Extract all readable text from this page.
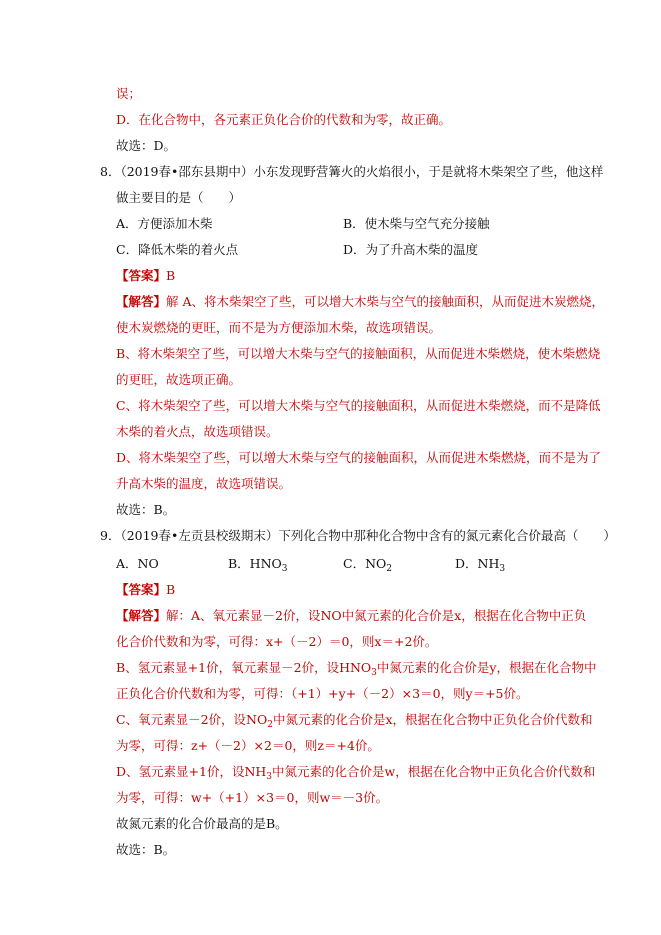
误；
D．在化合物中，各元素正负化合价的代数和为零，故正确。
故选：D。
8．（2019春•邵东县期中）小东发现野营篝火的火焰很小，于是就将木柴架空了些，他这样
做主要目的是（　　）
A．方便添加木柴	B．使木柴与空气充分接触
C．降低木柴的着火点	D．为了升高木柴的温度
【答案】B
【解答】解 A、将木柴架空了些，可以增大木柴与空气的接触面积，从而促进木炭燃烧，
使木炭燃烧的更旺，而不是为方便添加木柴，故选项错误。
B、将木柴架空了些，可以增大木柴与空气的接触面积，从而促进木柴燃烧，使木柴燃烧
的更旺，故选项正确。
C、将木柴架空了些，可以增大木柴与空气的接触面积，从而促进木柴燃烧，而不是降低
木柴的着火点，故选项错误。
D、将木柴架空了些，可以增大木柴与空气的接触面积，从而促进木柴燃烧，而不是为了
升高木柴的温度，故选项错误。
故选：B。
9．（2019春•左贡县校级期末）下列化合物中那种化合物中含有的氮元素化合价最高（　　）
A．NO	B．$HNO_3$	C．$NO_2$	D．$NH_3$
【答案】B
【解答】解：A、氧元素显－2价，设NO中氮元素的化合价是x，根据在化合物中正负
化合价代数和为零，可得：x+（－2）＝0，则x＝+2价。
B、氢元素显+1价，氧元素显－2价，设$HNO_3$中氮元素的化合价是y，根据在化合物中
正负化合价代数和为零，可得：（+1）+y+（－2）×3＝0，则y＝+5价。
C、氧元素显－2价，设$NO_2$中氮元素的化合价是x，根据在化合物中正负化合价代数和
为零，可得：z+（－2）×2＝0，则z＝+4价。
D、氢元素显+1价，设$NH_3$中氮元素的化合价是w，根据在化合物中正负化合价代数和
为零，可得：w+（+1）×3＝0，则w＝－3价。
故氮元素的化合价最高的是B。
故选：B。
